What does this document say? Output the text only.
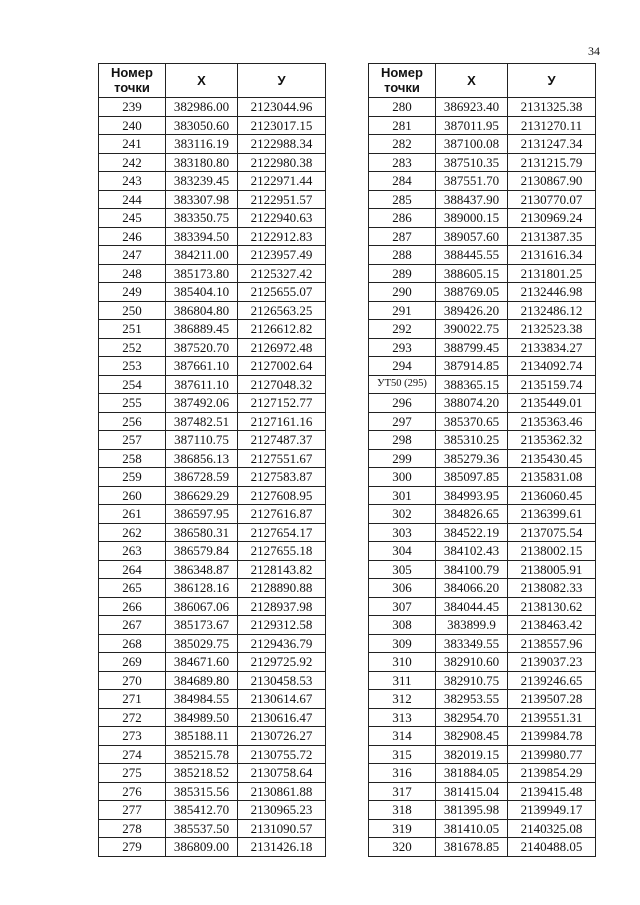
34
Номер
точки	X	У
239	382986.00	2123044.96
240	383050.60	2123017.15
241	383116.19	2122988.34
242	383180.80	2122980.38
243	383239.45	2122971.44
244	383307.98	2122951.57
245	383350.75	2122940.63
246	383394.50	2122912.83
247	384211.00	2123957.49
248	385173.80	2125327.42
249	385404.10	2125655.07
250	386804.80	2126563.25
251	386889.45	2126612.82
252	387520.70	2126972.48
253	387661.10	2127002.64
254	387611.10	2127048.32
255	387492.06	2127152.77
256	387482.51	2127161.16
257	387110.75	2127487.37
258	386856.13	2127551.67
259	386728.59	2127583.87
260	386629.29	2127608.95
261	386597.95	2127616.87
262	386580.31	2127654.17
263	386579.84	2127655.18
264	386348.87	2128143.82
265	386128.16	2128890.88
266	386067.06	2128937.98
267	385173.67	2129312.58
268	385029.75	2129436.79
269	384671.60	2129725.92
270	384689.80	2130458.53
271	384984.55	2130614.67
272	384989.50	2130616.47
273	385188.11	2130726.27
274	385215.78	2130755.72
275	385218.52	2130758.64
276	385315.56	2130861.88
277	385412.70	2130965.23
278	385537.50	2131090.57
279	386809.00	2131426.18
Номер
точки	X	У
280	386923.40	2131325.38
281	387011.95	2131270.11
282	387100.08	2131247.34
283	387510.35	2131215.79
284	387551.70	2130867.90
285	388437.90	2130770.07
286	389000.15	2130969.24
287	389057.60	2131387.35
288	388445.55	2131616.34
289	388605.15	2131801.25
290	388769.05	2132446.98
291	389426.20	2132486.12
292	390022.75	2132523.38
293	388799.45	2133834.27
294	387914.85	2134092.74
УТ50 (295)	388365.15	2135159.74
296	388074.20	2135449.01
297	385370.65	2135363.46
298	385310.25	2135362.32
299	385279.36	2135430.45
300	385097.85	2135831.08
301	384993.95	2136060.45
302	384826.65	2136399.61
303	384522.19	2137075.54
304	384102.43	2138002.15
305	384100.79	2138005.91
306	384066.20	2138082.33
307	384044.45	2138130.62
308	383899.9	2138463.42
309	383349.55	2138557.96
310	382910.60	2139037.23
311	382910.75	2139246.65
312	382953.55	2139507.28
313	382954.70	2139551.31
314	382908.45	2139984.78
315	382019.15	2139980.77
316	381884.05	2139854.29
317	381415.04	2139415.48
318	381395.98	2139949.17
319	381410.05	2140325.08
320	381678.85	2140488.05
